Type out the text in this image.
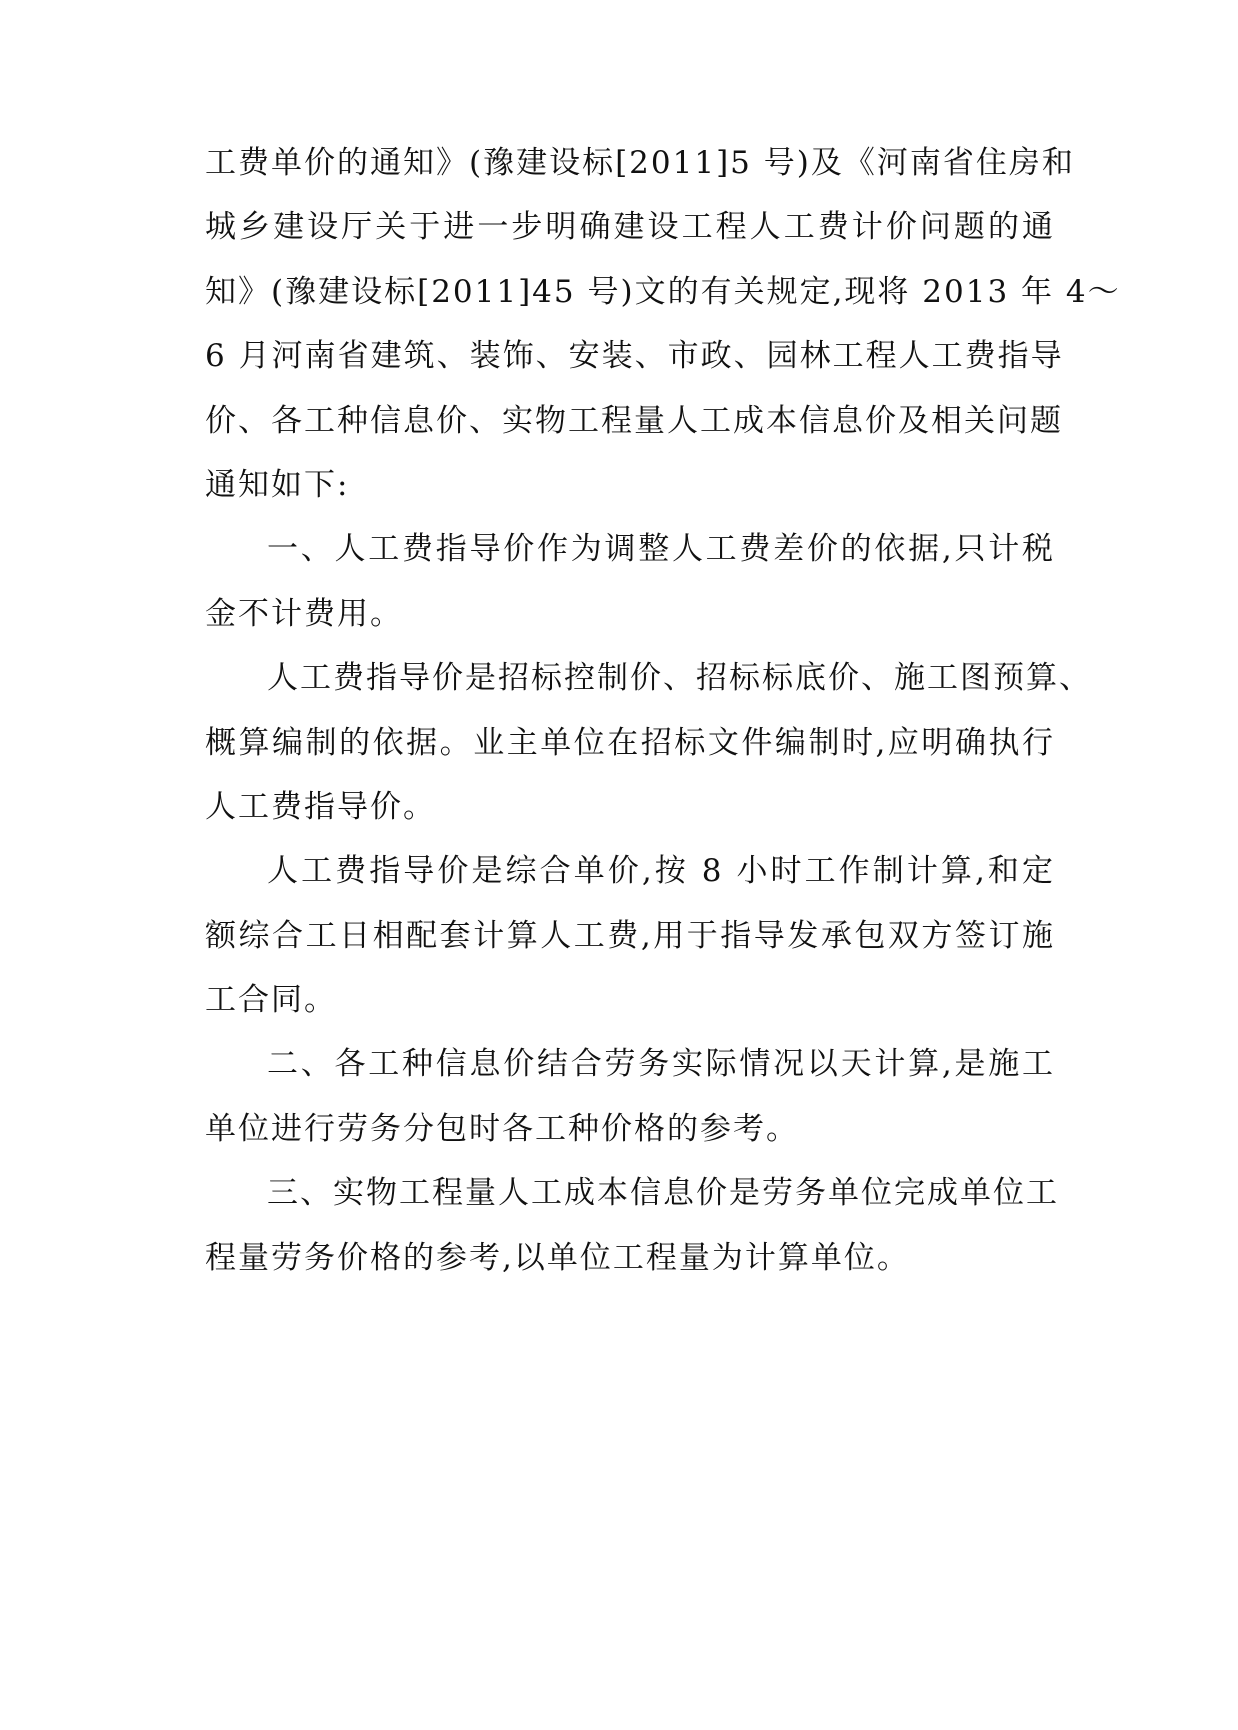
工费单价的通知》(豫建设标[2011]5 号)及《河南省住房和
城乡建设厅关于进一步明确建设工程人工费计价问题的通
知》(豫建设标[2011]45 号)文的有关规定,现将 2013 年 4～
6 月河南省建筑、装饰、安装、市政、园林工程人工费指导
价、各工种信息价、实物工程量人工成本信息价及相关问题
通知如下:
一、人工费指导价作为调整人工费差价的依据,只计税
金不计费用。
人工费指导价是招标控制价、招标标底价、施工图预算、
概算编制的依据。业主单位在招标文件编制时,应明确执行
人工费指导价。
人工费指导价是综合单价,按 8 小时工作制计算,和定
额综合工日相配套计算人工费,用于指导发承包双方签订施
工合同。
二、各工种信息价结合劳务实际情况以天计算,是施工
单位进行劳务分包时各工种价格的参考。
三、实物工程量人工成本信息价是劳务单位完成单位工
程量劳务价格的参考,以单位工程量为计算单位。
